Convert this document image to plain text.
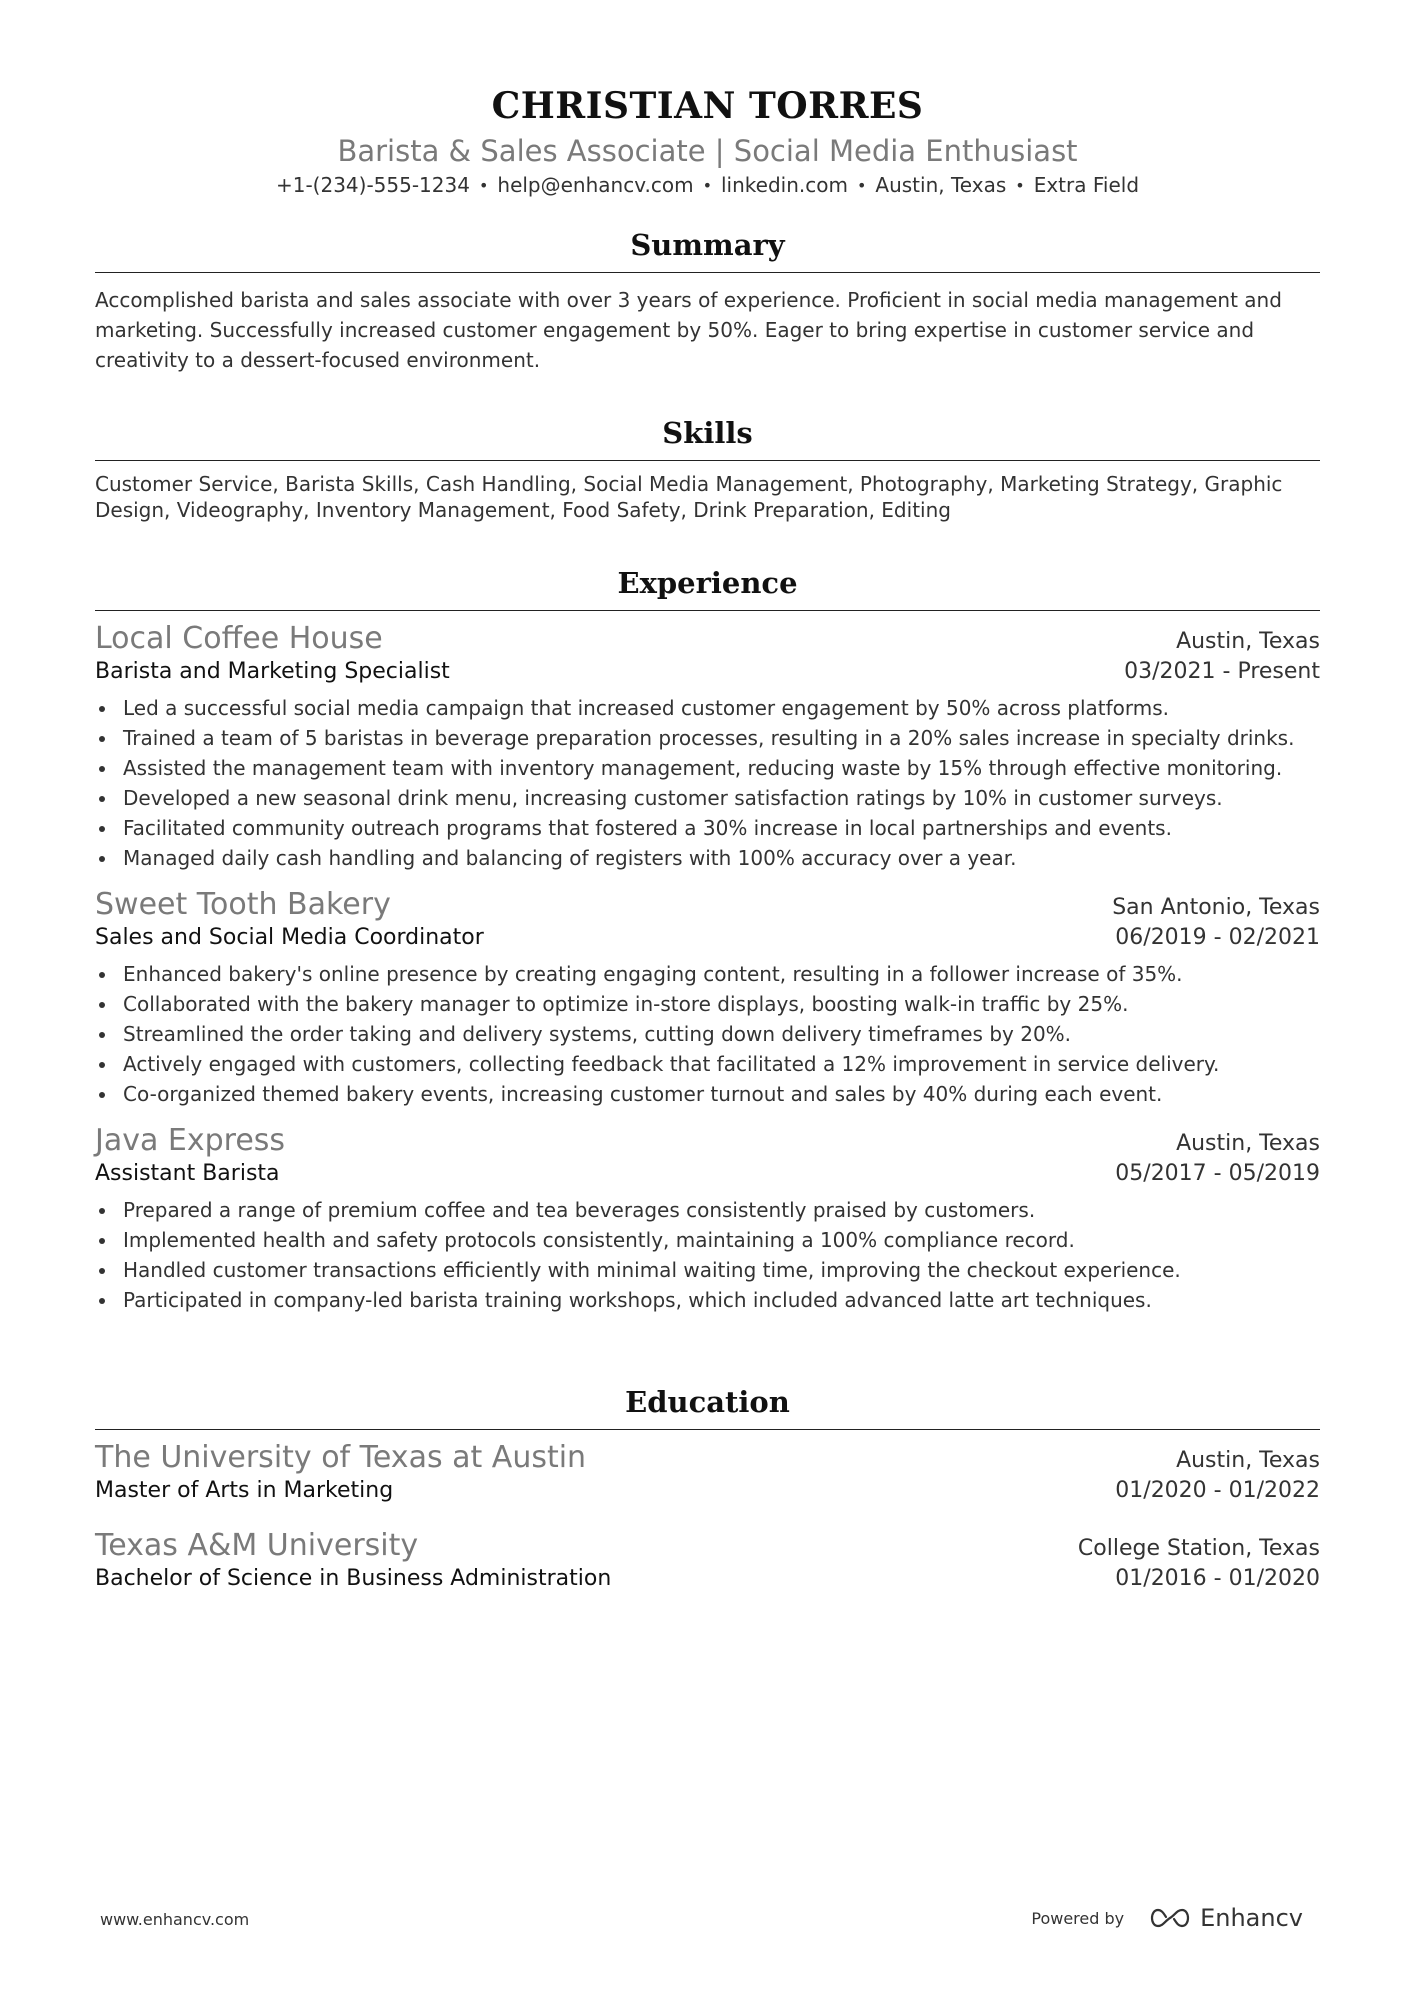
CHRISTIAN TORRES
Barista & Sales Associate | Social Media Enthusiast
+1-(234)-555-1234 • help@enhancv.com • linkedin.com • Austin, Texas • Extra Field
Summary
Accomplished barista and sales associate with over 3 years of experience. Proficient in social media management and marketing. Successfully increased customer engagement by 50%. Eager to bring expertise in customer service and creativity to a dessert-focused environment.
Skills
Customer Service, Barista Skills, Cash Handling, Social Media Management, Photography, Marketing Strategy, Graphic Design, Videography, Inventory Management, Food Safety, Drink Preparation, Editing
Experience
Local Coffee House	Austin, Texas
Barista and Marketing Specialist	03/2021 - Present
Led a successful social media campaign that increased customer engagement by 50% across platforms.
Trained a team of 5 baristas in beverage preparation processes, resulting in a 20% sales increase in specialty drinks.
Assisted the management team with inventory management, reducing waste by 15% through effective monitoring.
Developed a new seasonal drink menu, increasing customer satisfaction ratings by 10% in customer surveys.
Facilitated community outreach programs that fostered a 30% increase in local partnerships and events.
Managed daily cash handling and balancing of registers with 100% accuracy over a year.
Sweet Tooth Bakery	San Antonio, Texas
Sales and Social Media Coordinator	06/2019 - 02/2021
Enhanced bakery's online presence by creating engaging content, resulting in a follower increase of 35%.
Collaborated with the bakery manager to optimize in-store displays, boosting walk-in traffic by 25%.
Streamlined the order taking and delivery systems, cutting down delivery timeframes by 20%.
Actively engaged with customers, collecting feedback that facilitated a 12% improvement in service delivery.
Co-organized themed bakery events, increasing customer turnout and sales by 40% during each event.
Java Express	Austin, Texas
Assistant Barista	05/2017 - 05/2019
Prepared a range of premium coffee and tea beverages consistently praised by customers.
Implemented health and safety protocols consistently, maintaining a 100% compliance record.
Handled customer transactions efficiently with minimal waiting time, improving the checkout experience.
Participated in company-led barista training workshops, which included advanced latte art techniques.
Education
The University of Texas at Austin	Austin, Texas
Master of Arts in Marketing	01/2020 - 01/2022
Texas A&M University	College Station, Texas
Bachelor of Science in Business Administration	01/2016 - 01/2020
www.enhancv.com	Powered by	Enhancv
